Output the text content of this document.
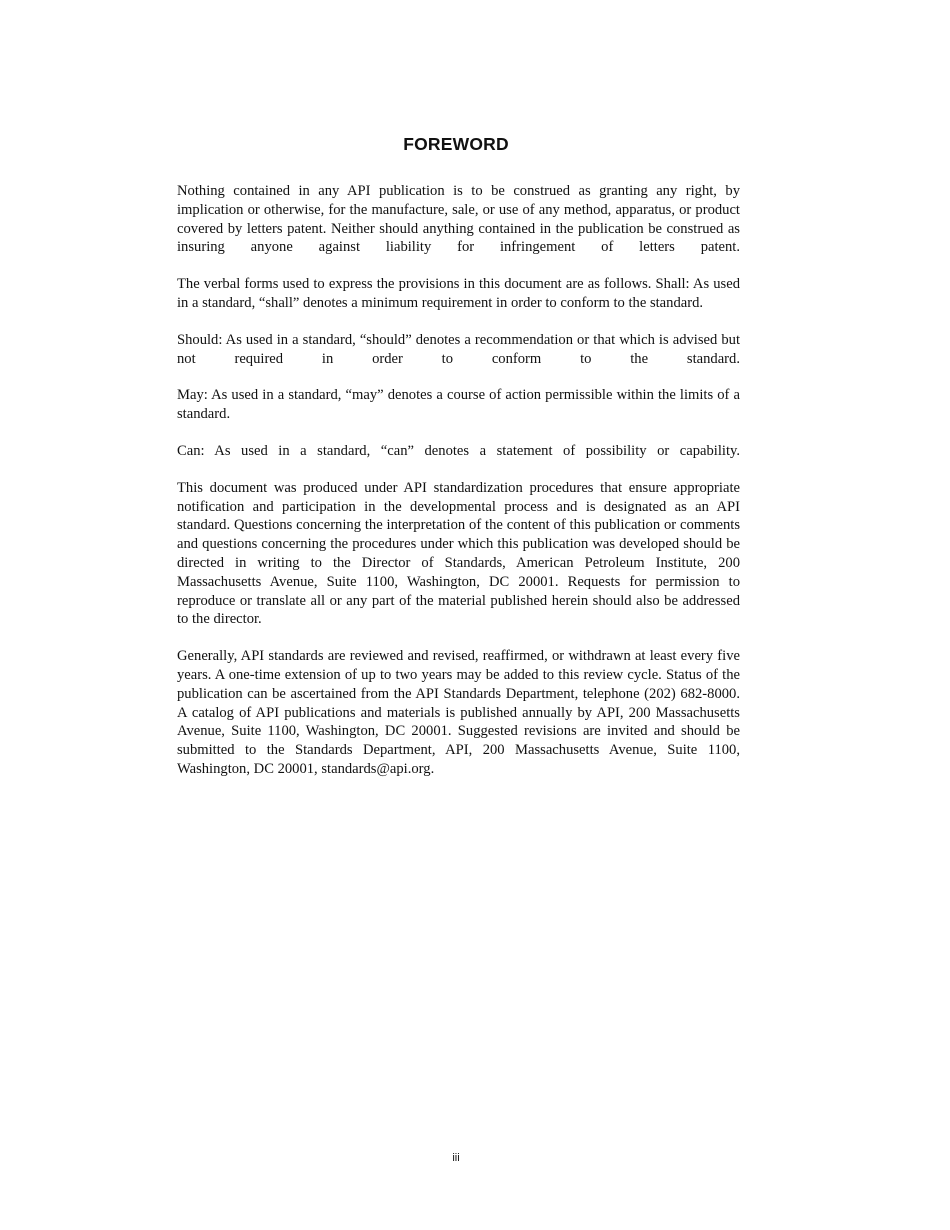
FOREWORD

Nothing contained in any API publication is to be construed as granting any right, by implication or otherwise, for the manufacture, sale, or use of any method, apparatus, or product covered by letters patent. Neither should anything contained in the publication be construed as insuring anyone against liability for infringement of letters patent.

The verbal forms used to express the provisions in this document are as follows. Shall: As used in a standard, “shall” denotes a minimum requirement in order to conform to the standard.

Should: As used in a standard, “should” denotes a recommendation or that which is advised but not required in order to conform to the standard.

May: As used in a standard, “may” denotes a course of action permissible within the limits of a standard.

Can: As used in a standard, “can” denotes a statement of possibility or capability.

This document was produced under API standardization procedures that ensure appropriate notification and participation in the developmental process and is designated as an API standard. Questions concerning the interpretation of the content of this publication or comments and questions concerning the procedures under which this publication was developed should be directed in writing to the Director of Standards, American Petroleum Institute, 200 Massachusetts Avenue, Suite 1100, Washington, DC 20001. Requests for permission to reproduce or translate all or any part of the material published herein should also be addressed to the director.

Generally, API standards are reviewed and revised, reaffirmed, or withdrawn at least every five years. A one-time extension of up to two years may be added to this review cycle. Status of the publication can be ascertained from the API Standards Department, telephone (202) 682-8000. A catalog of API publications and materials is published annually by API, 200 Massachusetts Avenue, Suite 1100, Washington, DC 20001. Suggested revisions are invited and should be submitted to the Standards Department, API, 200 Massachusetts Avenue, Suite 1100, Washington, DC 20001, standards@api.org.

iii
